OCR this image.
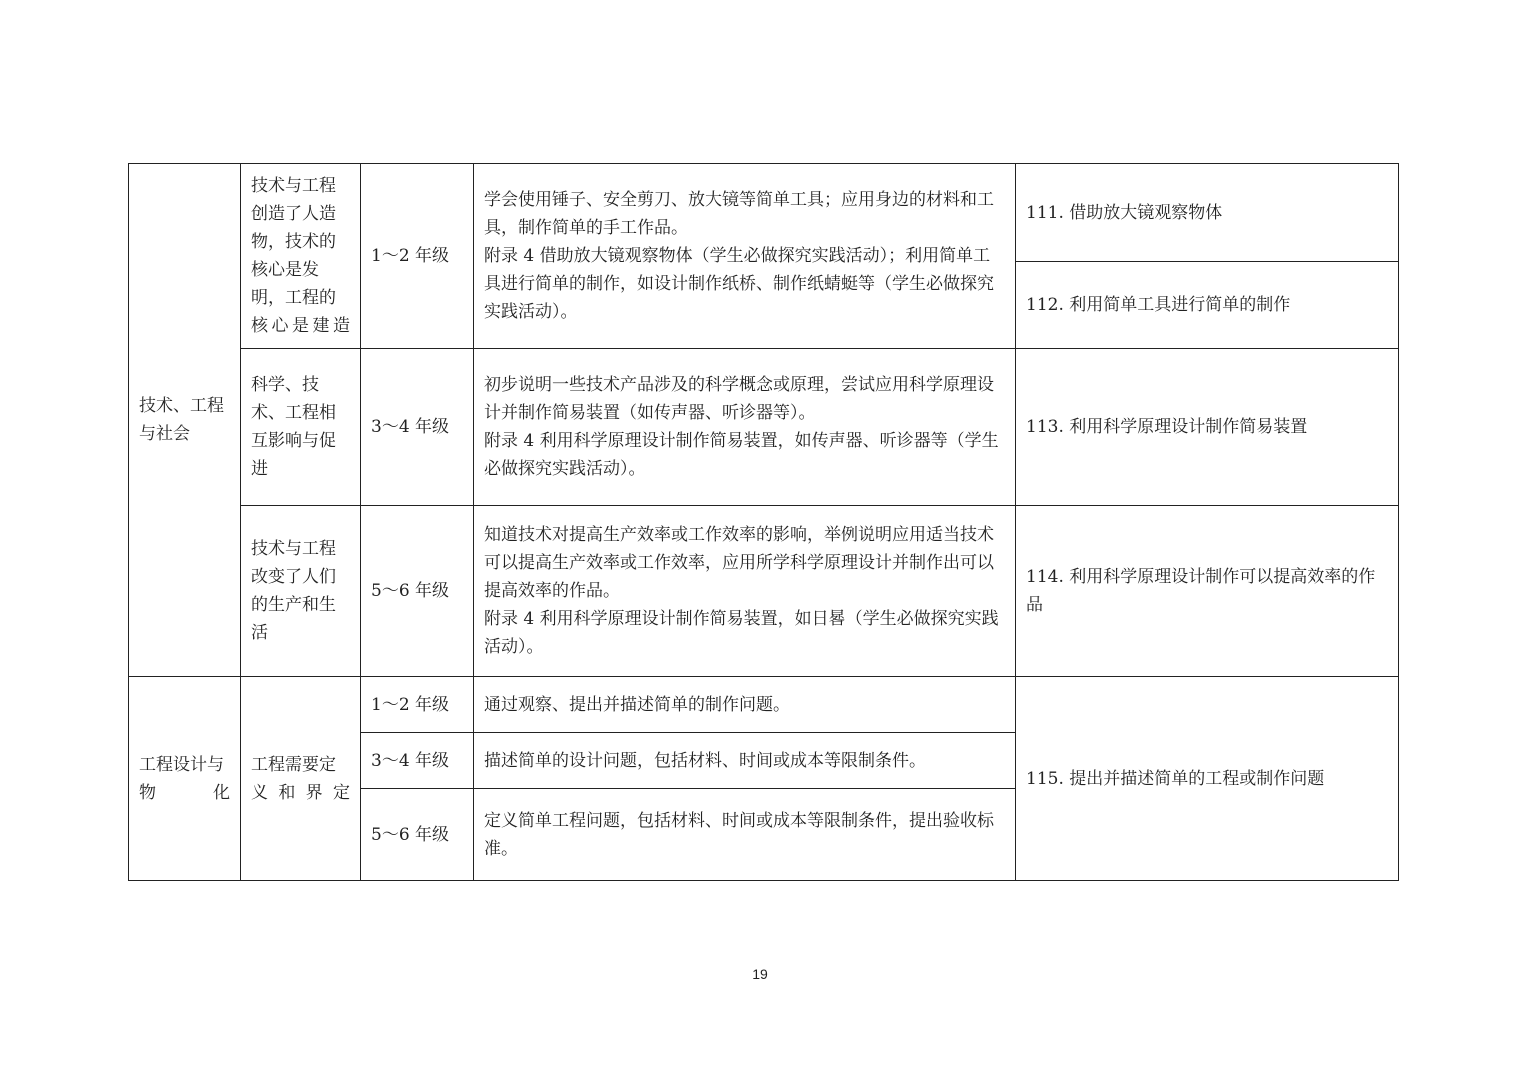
技术、工程与社会	技术与工程创造了人造物，技术的核心是发明，工程的核心是建造	1～2 年级	学会使用锤子、安全剪刀、放大镜等简单工具；应用身边的材料和工具，制作简单的手工作品。
附录 4 借助放大镜观察物体（学生必做探究实践活动）；利用简单工具进行简单的制作，如设计制作纸桥、制作纸蜻蜓等（学生必做探究实践活动）。	111. 借助放大镜观察物体
				112. 利用简单工具进行简单的制作
	科学、技术、工程相互影响与促进	3～4 年级	初步说明一些技术产品涉及的科学概念或原理，尝试应用科学原理设计并制作简易装置（如传声器、听诊器等）。
附录 4 利用科学原理设计制作简易装置，如传声器、听诊器等（学生必做探究实践活动）。	113. 利用科学原理设计制作简易装置
	技术与工程改变了人们的生产和生活	5～6 年级	知道技术对提高生产效率或工作效率的影响，举例说明应用适当技术可以提高生产效率或工作效率，应用所学科学原理设计并制作出可以提高效率的作品。
附录 4 利用科学原理设计制作简易装置，如日晷（学生必做探究实践活动）。	114. 利用科学原理设计制作可以提高效率的作品
工程设计与物化	工程需要定义和界定	1～2 年级	通过观察、提出并描述简单的制作问题。	115. 提出并描述简单的工程或制作问题
		3～4 年级	描述简单的设计问题，包括材料、时间或成本等限制条件。	
		5～6 年级	定义简单工程问题，包括材料、时间或成本等限制条件，提出验收标准。	
19
